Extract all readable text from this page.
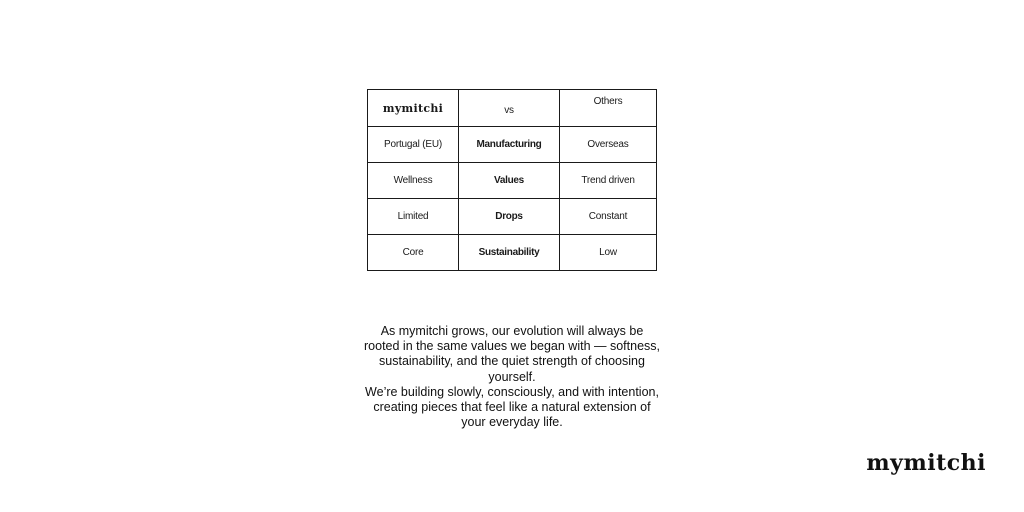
mymitchi	vs	Others
Portugal (EU)	Manufacturing	Overseas
Wellness	Values	Trend driven
Limited	Drops	Constant
Core	Sustainability	Low

As mymitchi grows, our evolution will always be rooted in the same values we began with — softness, sustainability, and the quiet strength of choosing yourself.

We’re building slowly, consciously, and with intention, creating pieces that feel like a natural extension of your everyday life.

mymitchi
